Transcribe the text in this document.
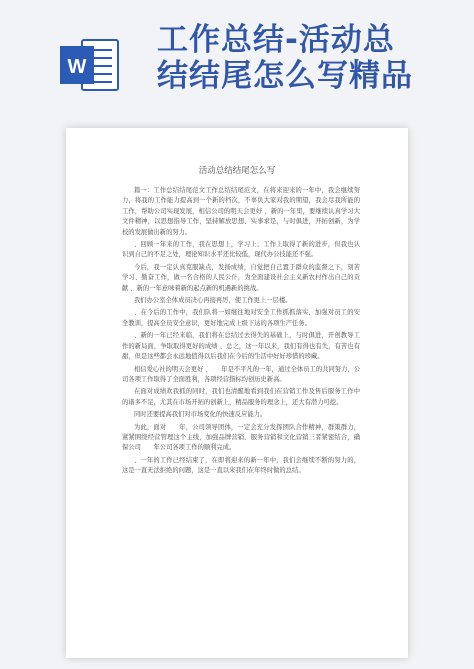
W
工作总结-活动总
结结尾怎么写精品
活动总结结尾怎么写

篇一：工作总结结尾范文工作总结结尾范文，在将来迎来的一年中，我会继续努力，将我的工作能力提高到一个新的档次，不辜负大家对我的期望，我会尽我所能的工作，帮助公司实现发展，相信公司的明天会更好 、新的一年里，要继续认真学习大文件精神，以思想指导工作，坚持解放思想、实事求是，与时俱进，开拓创新，为学校的发展做出新的努力。

、回顾一年来的工作，我在思想上，学习上、工作上取得了新的进步，但我也认识到自己的不足之处，理论知识水平还比较低，现代办公技能还不强。

今后，我一定认真克服缺点，发扬成绩，自觉把自己置于群众的监督之下，刻苦学习、勤奋工作，做一名合格的人民公仆，为全面建设社会主义新农村作出自己的贡献 、新的一年意味着新的起点新的机遇新的挑战。

我们办公室全体成员决心再接再厉，使工作更上一层楼。

、在今后的工作中，我们队将一如继往地对安全工作抓抓落实，加强对员工的安全教训，提高全员安全意识，更好地完成上级下达的各项生产任务。

、新的一年已经来临，我们将在总结过去得失的基础上，与时俱进，开创教导工作的新局面，争取取得更好的成绩 、总之，这一年以来，我们有得也有失，有苦也有甜，但是这些都会永远地值得以后我们在今后的生活中好好珍惜的珍藏。

相信爱心社的明天会更好 、　　年是不平凡的一年，通过全体员工的共同努力，公司各项工作取得了全面胜利，各项经营指标均创历史新高。

在面对成绩欢我抓的同时，我们也清醒地看到我们在营销工作及售后服务工作中的诸多不足，尤其在市场开拓的创新上，精品服务的理念上，还大有潜力可挖。

同时还要提高我们对市场变化的快速反应能力。

为此，面对　　年，公司领导团体，一定会充分发挥团队合作精神，群策群力，紧紧围绕经营管理这个主线，加强品牌营销、服务营销和文化营销三者紧密结合，确保公司　　年公司各项工作的顺利完成。

、一年的工作已经结束了，在即将迎来的新一年中，我们会继续不断的努力的，这是一直无法拒绝的问题，这是一直以来我们在年终时做的总结。
